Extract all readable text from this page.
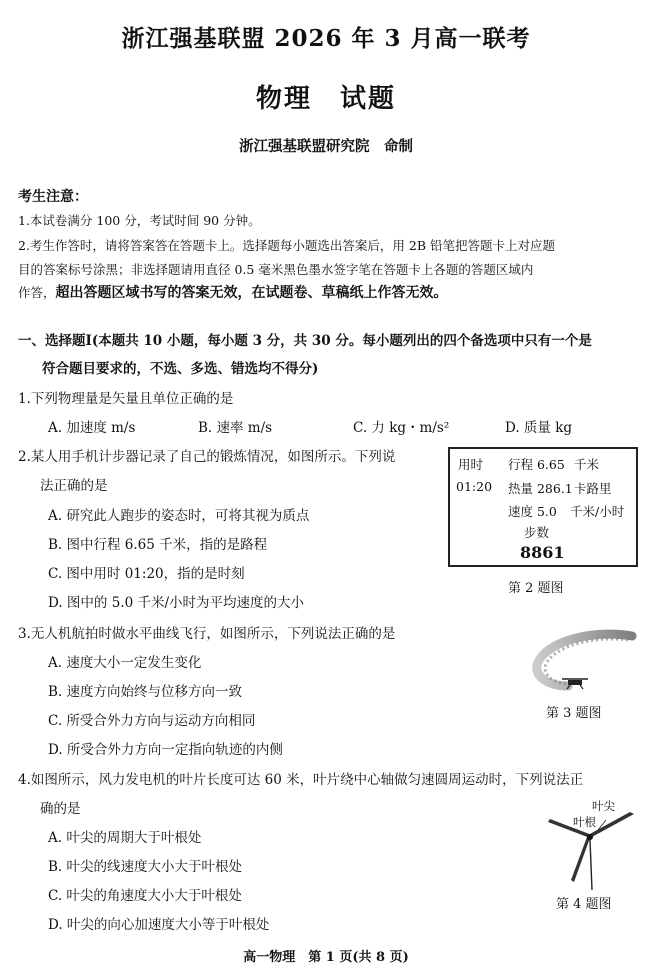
浙江强基联盟 2026 年 3 月高一联考
物理　试题
浙江强基联盟研究院　命制
考生注意：
1.本试卷满分 100 分，考试时间 90 分钟。
2.考生作答时，请将答案答在答题卡上。选择题每小题选出答案后，用 2B 铅笔把答题卡上对应题
目的答案标号涂黑；非选择题请用直径 0.5 毫米黑色墨水签字笔在答题卡上各题的答题区域内
作答，超出答题区域书写的答案无效，在试题卷、草稿纸上作答无效。
一、选择题Ⅰ(本题共 10 小题，每小题 3 分，共 30 分。每小题列出的四个备选项中只有一个是
符合题目要求的，不选、多选、错选均不得分)
1.下列物理量是矢量且单位正确的是
A. 加速度 m/s	B. 速率 m/s	C. 力 kg・m/s²	D. 质量 kg
2.某人用手机计步器记录了自己的锻炼情况，如图所示。下列说
法正确的是
A. 研究此人跑步的姿态时，可将其视为质点
B. 图中行程 6.65 千米，指的是路程
C. 图中用时 01:20，指的是时刻
D. 图中的 5.0 千米/小时为平均速度的大小
用时
01:20
行程 6.65 千米
热量 286.1 卡路里
速度 5.0 千米/小时
步数
8861
第 2 题图
3.无人机航拍时做水平曲线飞行，如图所示，下列说法正确的是
A. 速度大小一定发生变化
B. 速度方向始终与位移方向一致
C. 所受合外力方向与运动方向相同
D. 所受合外力方向一定指向轨迹的内侧
第 3 题图
4.如图所示，风力发电机的叶片长度可达 60 米，叶片绕中心轴做匀速圆周运动时，下列说法正
确的是
A. 叶尖的周期大于叶根处
B. 叶尖的线速度大小大于叶根处
C. 叶尖的角速度大小大于叶根处
D. 叶尖的向心加速度大小等于叶根处
叶尖
叶根
第 4 题图
高一物理　第 1 页(共 8 页)
